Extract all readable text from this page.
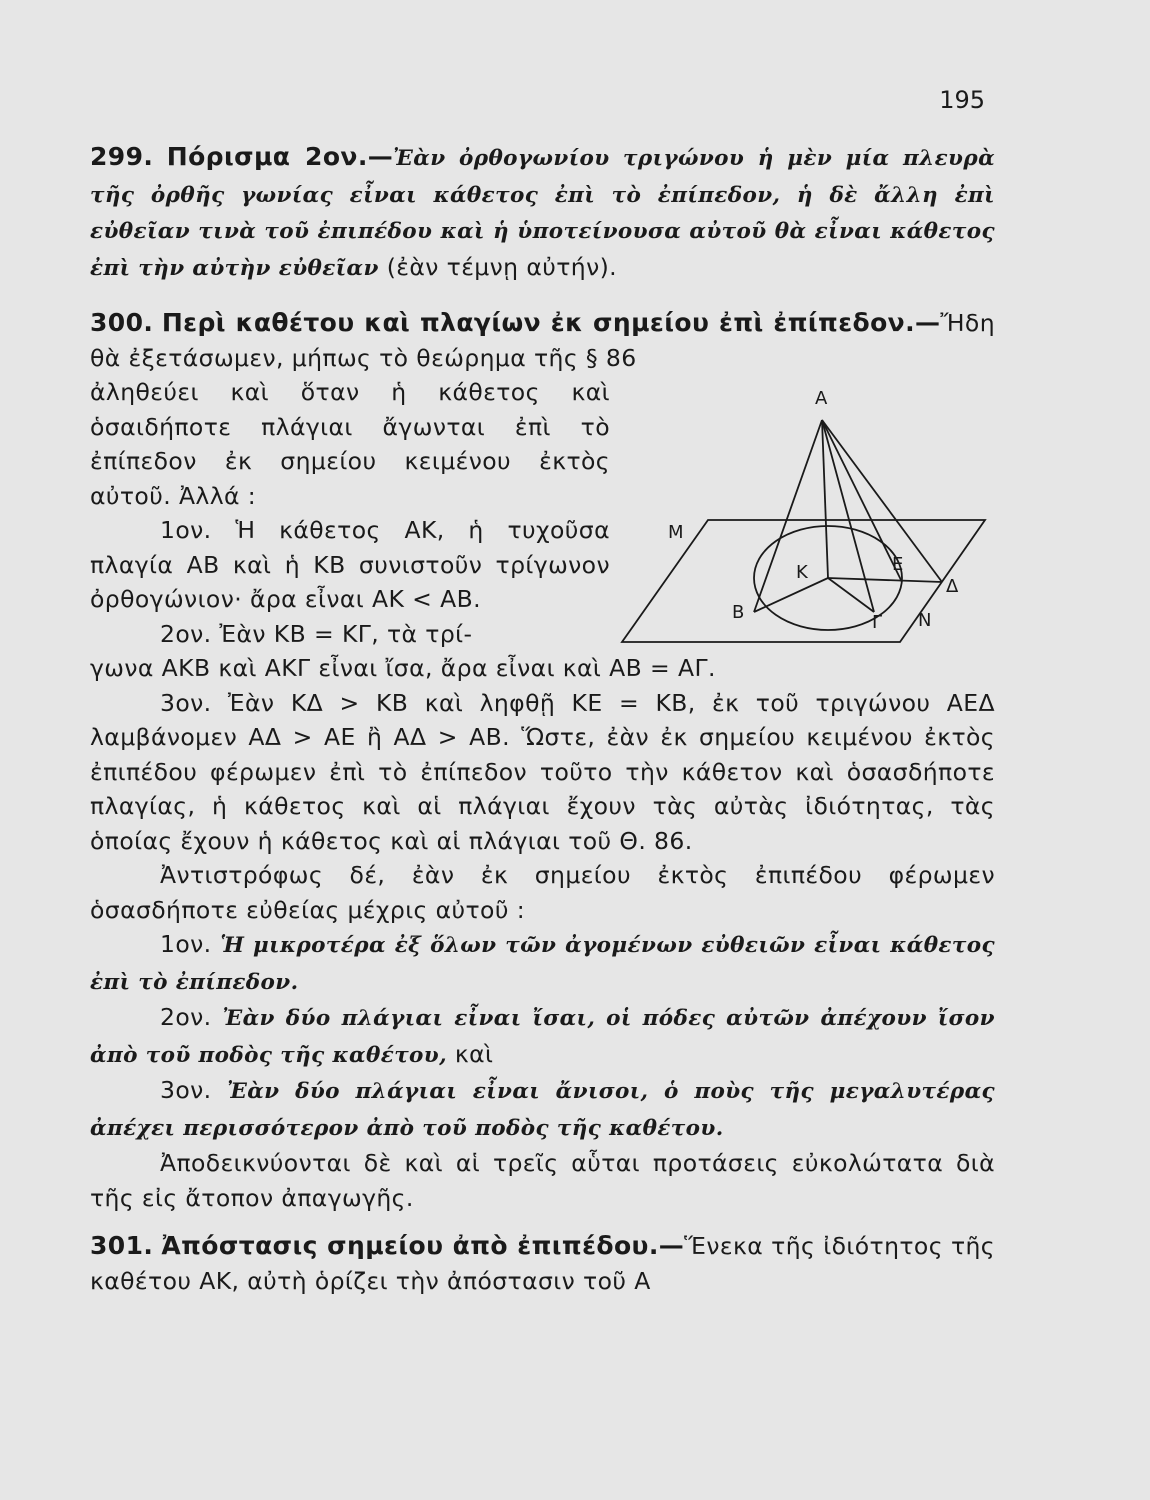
195

299. Πόρισμα 2ον.—Ἐὰν ὀρθογωνίου τριγώνου ἡ μὲν μία πλευρὰ τῆς ὀρθῆς γωνίας εἶναι κάθετος ἐπὶ τὸ ἐπίπεδον, ἡ δὲ ἄλλη ἐπὶ εὐθεῖαν τινὰ τοῦ ἐπιπέδου καὶ ἡ ὑποτείνουσα αὐτοῦ θὰ εἶναι κάθετος ἐπὶ τὴν αὐτὴν εὐθεῖαν (ἐὰν τέμνῃ αὐτήν).

300. Περὶ καθέτου καὶ πλαγίων ἐκ σημείου ἐπὶ ἐπίπεδον.—Ἤδη θὰ ἐξετάσωμεν, μήπως τὸ θεώρημα τῆς § 86

ἀληθεύει καὶ ὅταν ἡ κάθετος καὶ ὁσαιδήποτε πλάγιαι ἄγωνται ἐπὶ τὸ ἐπίπεδον ἐκ σημείου κειμένου ἐκτὸς αὐτοῦ. Ἀλλά :

1ον. Ἡ κάθετος ΑΚ, ἡ τυχοῦσα πλαγία ΑΒ καὶ ἡ ΚΒ συνιστοῦν τρίγωνον ὀρθογώνιον· ἄρα εἶναι ΑΚ < ΑΒ.

2ον. Ἐὰν ΚΒ = ΚΓ, τὰ τρί-

γωνα ΑΚΒ καὶ ΑΚΓ εἶναι ἴσα, ἄρα εἶναι καὶ ΑΒ = ΑΓ.

3ον. Ἐὰν ΚΔ > ΚΒ καὶ ληφθῇ ΚΕ = ΚΒ, ἐκ τοῦ τριγώνου ΑΕΔ λαμβάνομεν ΑΔ > ΑΕ ἢ ΑΔ > ΑΒ. Ὥστε, ἐὰν ἐκ σημείου κειμένου ἐκτὸς ἐπιπέδου φέρωμεν ἐπὶ τὸ ἐπίπεδον τοῦτο τὴν κάθετον καὶ ὁσασδήποτε πλαγίας, ἡ κάθετος καὶ αἱ πλάγιαι ἔχουν τὰς αὐτὰς ἰδιότητας, τὰς ὁποίας ἔχουν ἡ κάθετος καὶ αἱ πλάγιαι τοῦ Θ. 86.

Ἀντιστρόφως δέ, ἐὰν ἐκ σημείου ἐκτὸς ἐπιπέδου φέρωμεν ὁσασδήποτε εὐθείας μέχρις αὐτοῦ :

1ον. Ἡ μικροτέρα ἐξ ὅλων τῶν ἀγομένων εὐθειῶν εἶναι κάθετος ἐπὶ τὸ ἐπίπεδον.

2ον. Ἐὰν δύο πλάγιαι εἶναι ἴσαι, οἱ πόδες αὐτῶν ἀπέχουν ἴσον ἀπὸ τοῦ ποδὸς τῆς καθέτου, καὶ

3ον. Ἐὰν δύο πλάγιαι εἶναι ἄνισοι, ὁ ποὺς τῆς μεγαλυτέρας ἀπέχει περισσότερον ἀπὸ τοῦ ποδὸς τῆς καθέτου.

Ἀποδεικνύονται δὲ καὶ αἱ τρεῖς αὗται προτάσεις εὐκολώτατα διὰ τῆς εἰς ἄτοπον ἀπαγωγῆς.

301. Ἀπόστασις σημείου ἀπὸ ἐπιπέδου.—Ἕνεκα τῆς ἰδιότητος τῆς καθέτου ΑΚ, αὐτὴ ὁρίζει τὴν ἀπόστασιν τοῦ Α

Α
Μ
Κ	Ε
Δ
Β	Γ Ν
